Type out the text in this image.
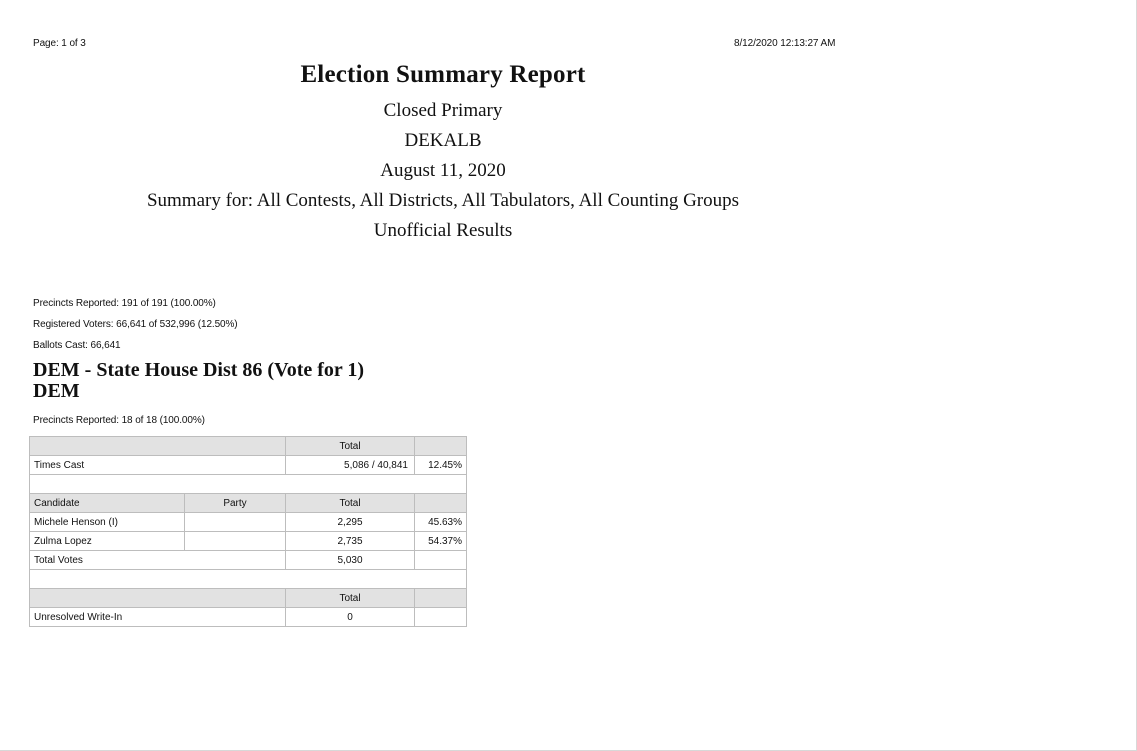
Page: 1 of 3	8/12/2020 12:13:27 AM
Election Summary Report
Closed Primary
DEKALB
August 11, 2020
Summary for: All Contests, All Districts, All Tabulators, All Counting Groups
Unofficial Results
Precincts Reported: 191 of 191 (100.00%)
Registered Voters: 66,641 of 532,996 (12.50%)
Ballots Cast: 66,641
DEM - State House Dist 86 (Vote for 1)
DEM
Precincts Reported: 18 of 18 (100.00%)
		Total	
Times Cast		5,086 / 40,841	12.45%

Candidate	Party	Total	
Michele Henson (I)		2,295	45.63%
Zulma Lopez		2,735	54.37%
Total Votes		5,030	

		Total	
Unresolved Write-In		0	
